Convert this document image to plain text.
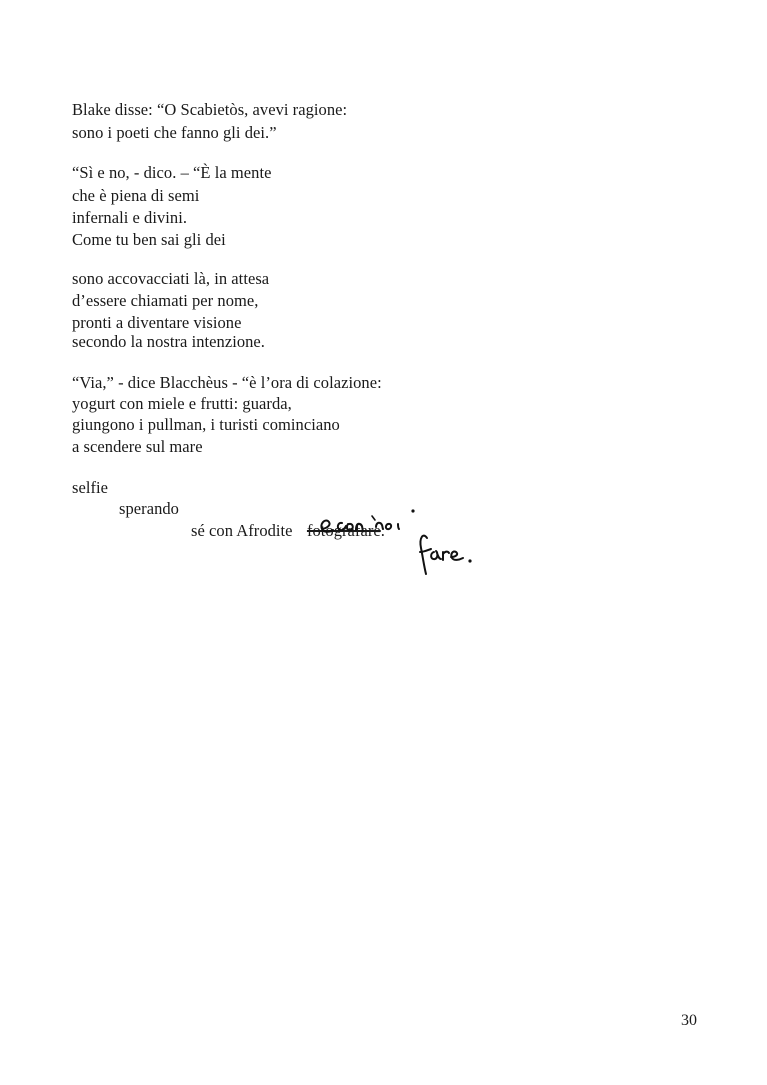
Blake disse: “O Scabietòs, avevi ragione:
sono i poeti che fanno gli dei.”
“Sì e no, - dico. – “È la mente
che è piena di semi
infernali e divini.
Come tu ben sai gli dei
sono accovacciati là, in attesa
d’essere chiamati per nome,
pronti a diventare visione
secondo la nostra intenzione.
“Via,” - dice Blacchèus - “è l’ora di colazione:
yogurt con miele e frutti: guarda,
giungono i pullman, i turisti cominciano
a scendere sul mare
selfie
sperando
sé con Afrodite fotografare.
30
